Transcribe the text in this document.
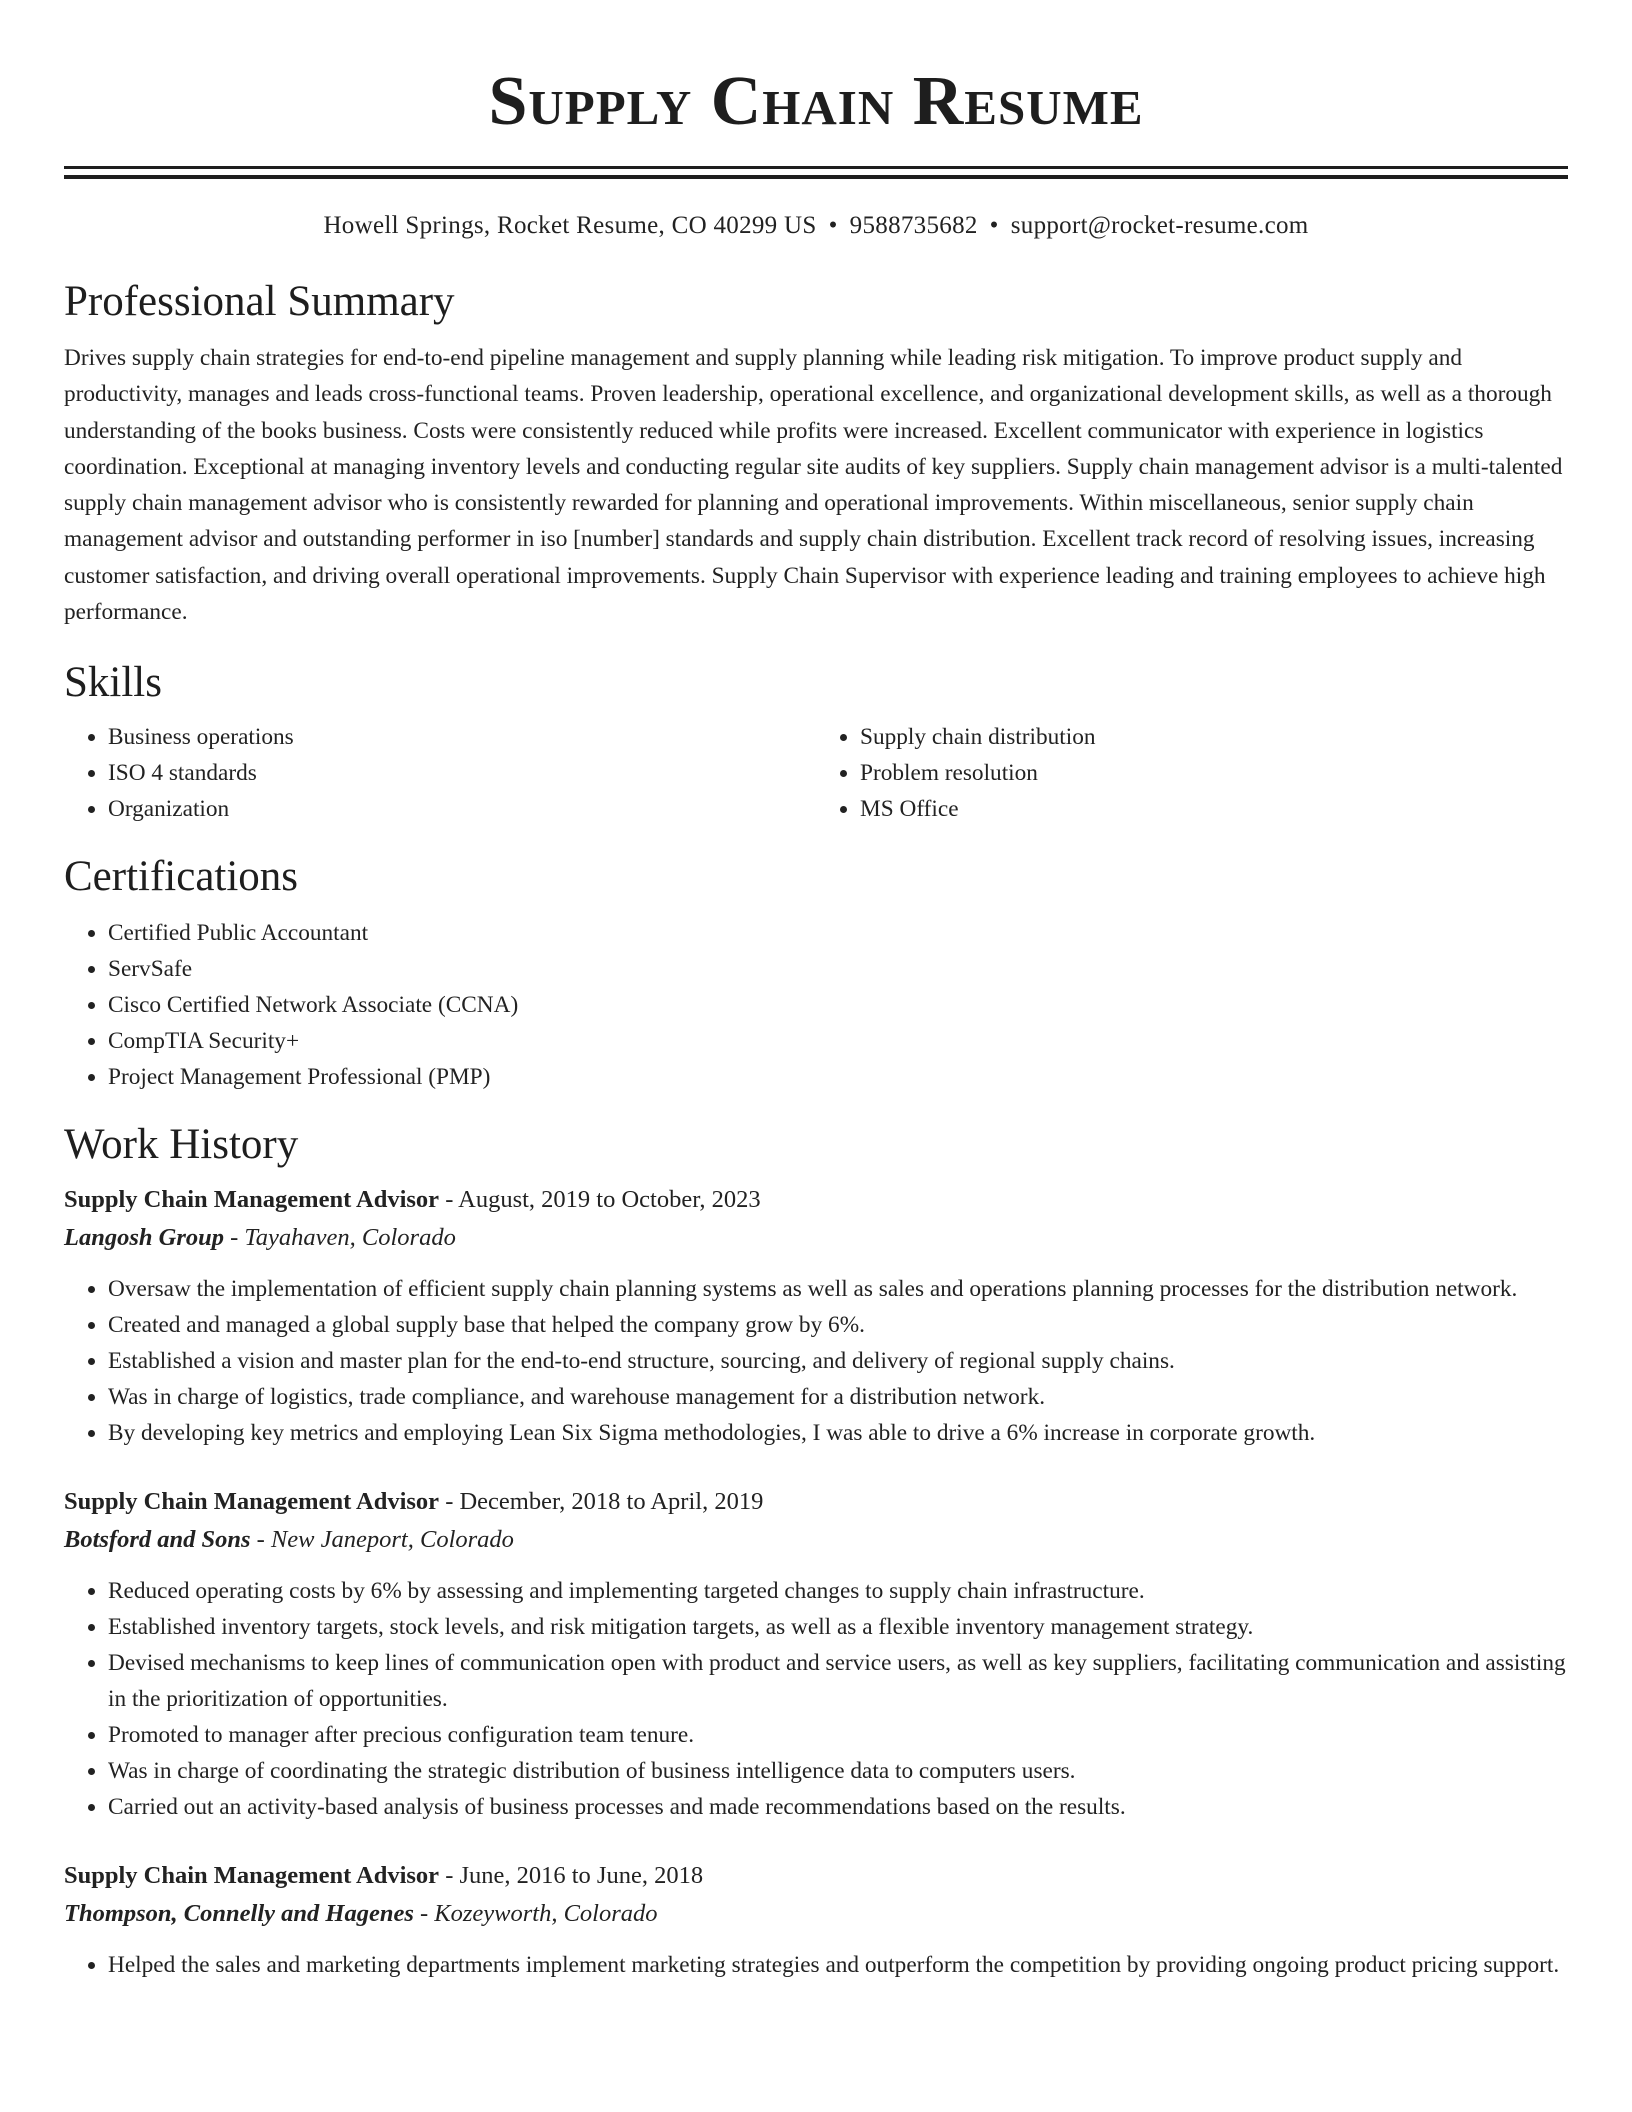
Supply Chain Resume
Howell Springs, Rocket Resume, CO 40299 US • 9588735682 • support@rocket-resume.com
Professional Summary
Drives supply chain strategies for end-to-end pipeline management and supply planning while leading risk mitigation. To improve product supply and productivity, manages and leads cross-functional teams. Proven leadership, operational excellence, and organizational development skills, as well as a thorough understanding of the books business. Costs were consistently reduced while profits were increased. Excellent communicator with experience in logistics coordination. Exceptional at managing inventory levels and conducting regular site audits of key suppliers. Supply chain management advisor is a multi-talented supply chain management advisor who is consistently rewarded for planning and operational improvements. Within miscellaneous, senior supply chain management advisor and outstanding performer in iso [number] standards and supply chain distribution. Excellent track record of resolving issues, increasing customer satisfaction, and driving overall operational improvements. Supply Chain Supervisor with experience leading and training employees to achieve high performance.
Skills
• Business operations
• ISO 4 standards
• Organization
• Supply chain distribution
• Problem resolution
• MS Office
Certifications
• Certified Public Accountant
• ServSafe
• Cisco Certified Network Associate (CCNA)
• CompTIA Security+
• Project Management Professional (PMP)
Work History
Supply Chain Management Advisor - August, 2019 to October, 2023
Langosh Group - Tayahaven, Colorado
• Oversaw the implementation of efficient supply chain planning systems as well as sales and operations planning processes for the distribution network.
• Created and managed a global supply base that helped the company grow by 6%.
• Established a vision and master plan for the end-to-end structure, sourcing, and delivery of regional supply chains.
• Was in charge of logistics, trade compliance, and warehouse management for a distribution network.
• By developing key metrics and employing Lean Six Sigma methodologies, I was able to drive a 6% increase in corporate growth.
Supply Chain Management Advisor - December, 2018 to April, 2019
Botsford and Sons - New Janeport, Colorado
• Reduced operating costs by 6% by assessing and implementing targeted changes to supply chain infrastructure.
• Established inventory targets, stock levels, and risk mitigation targets, as well as a flexible inventory management strategy.
• Devised mechanisms to keep lines of communication open with product and service users, as well as key suppliers, facilitating communication and assisting in the prioritization of opportunities.
• Promoted to manager after precious configuration team tenure.
• Was in charge of coordinating the strategic distribution of business intelligence data to computers users.
• Carried out an activity-based analysis of business processes and made recommendations based on the results.
Supply Chain Management Advisor - June, 2016 to June, 2018
Thompson, Connelly and Hagenes - Kozeyworth, Colorado
• Helped the sales and marketing departments implement marketing strategies and outperform the competition by providing ongoing product pricing support.
